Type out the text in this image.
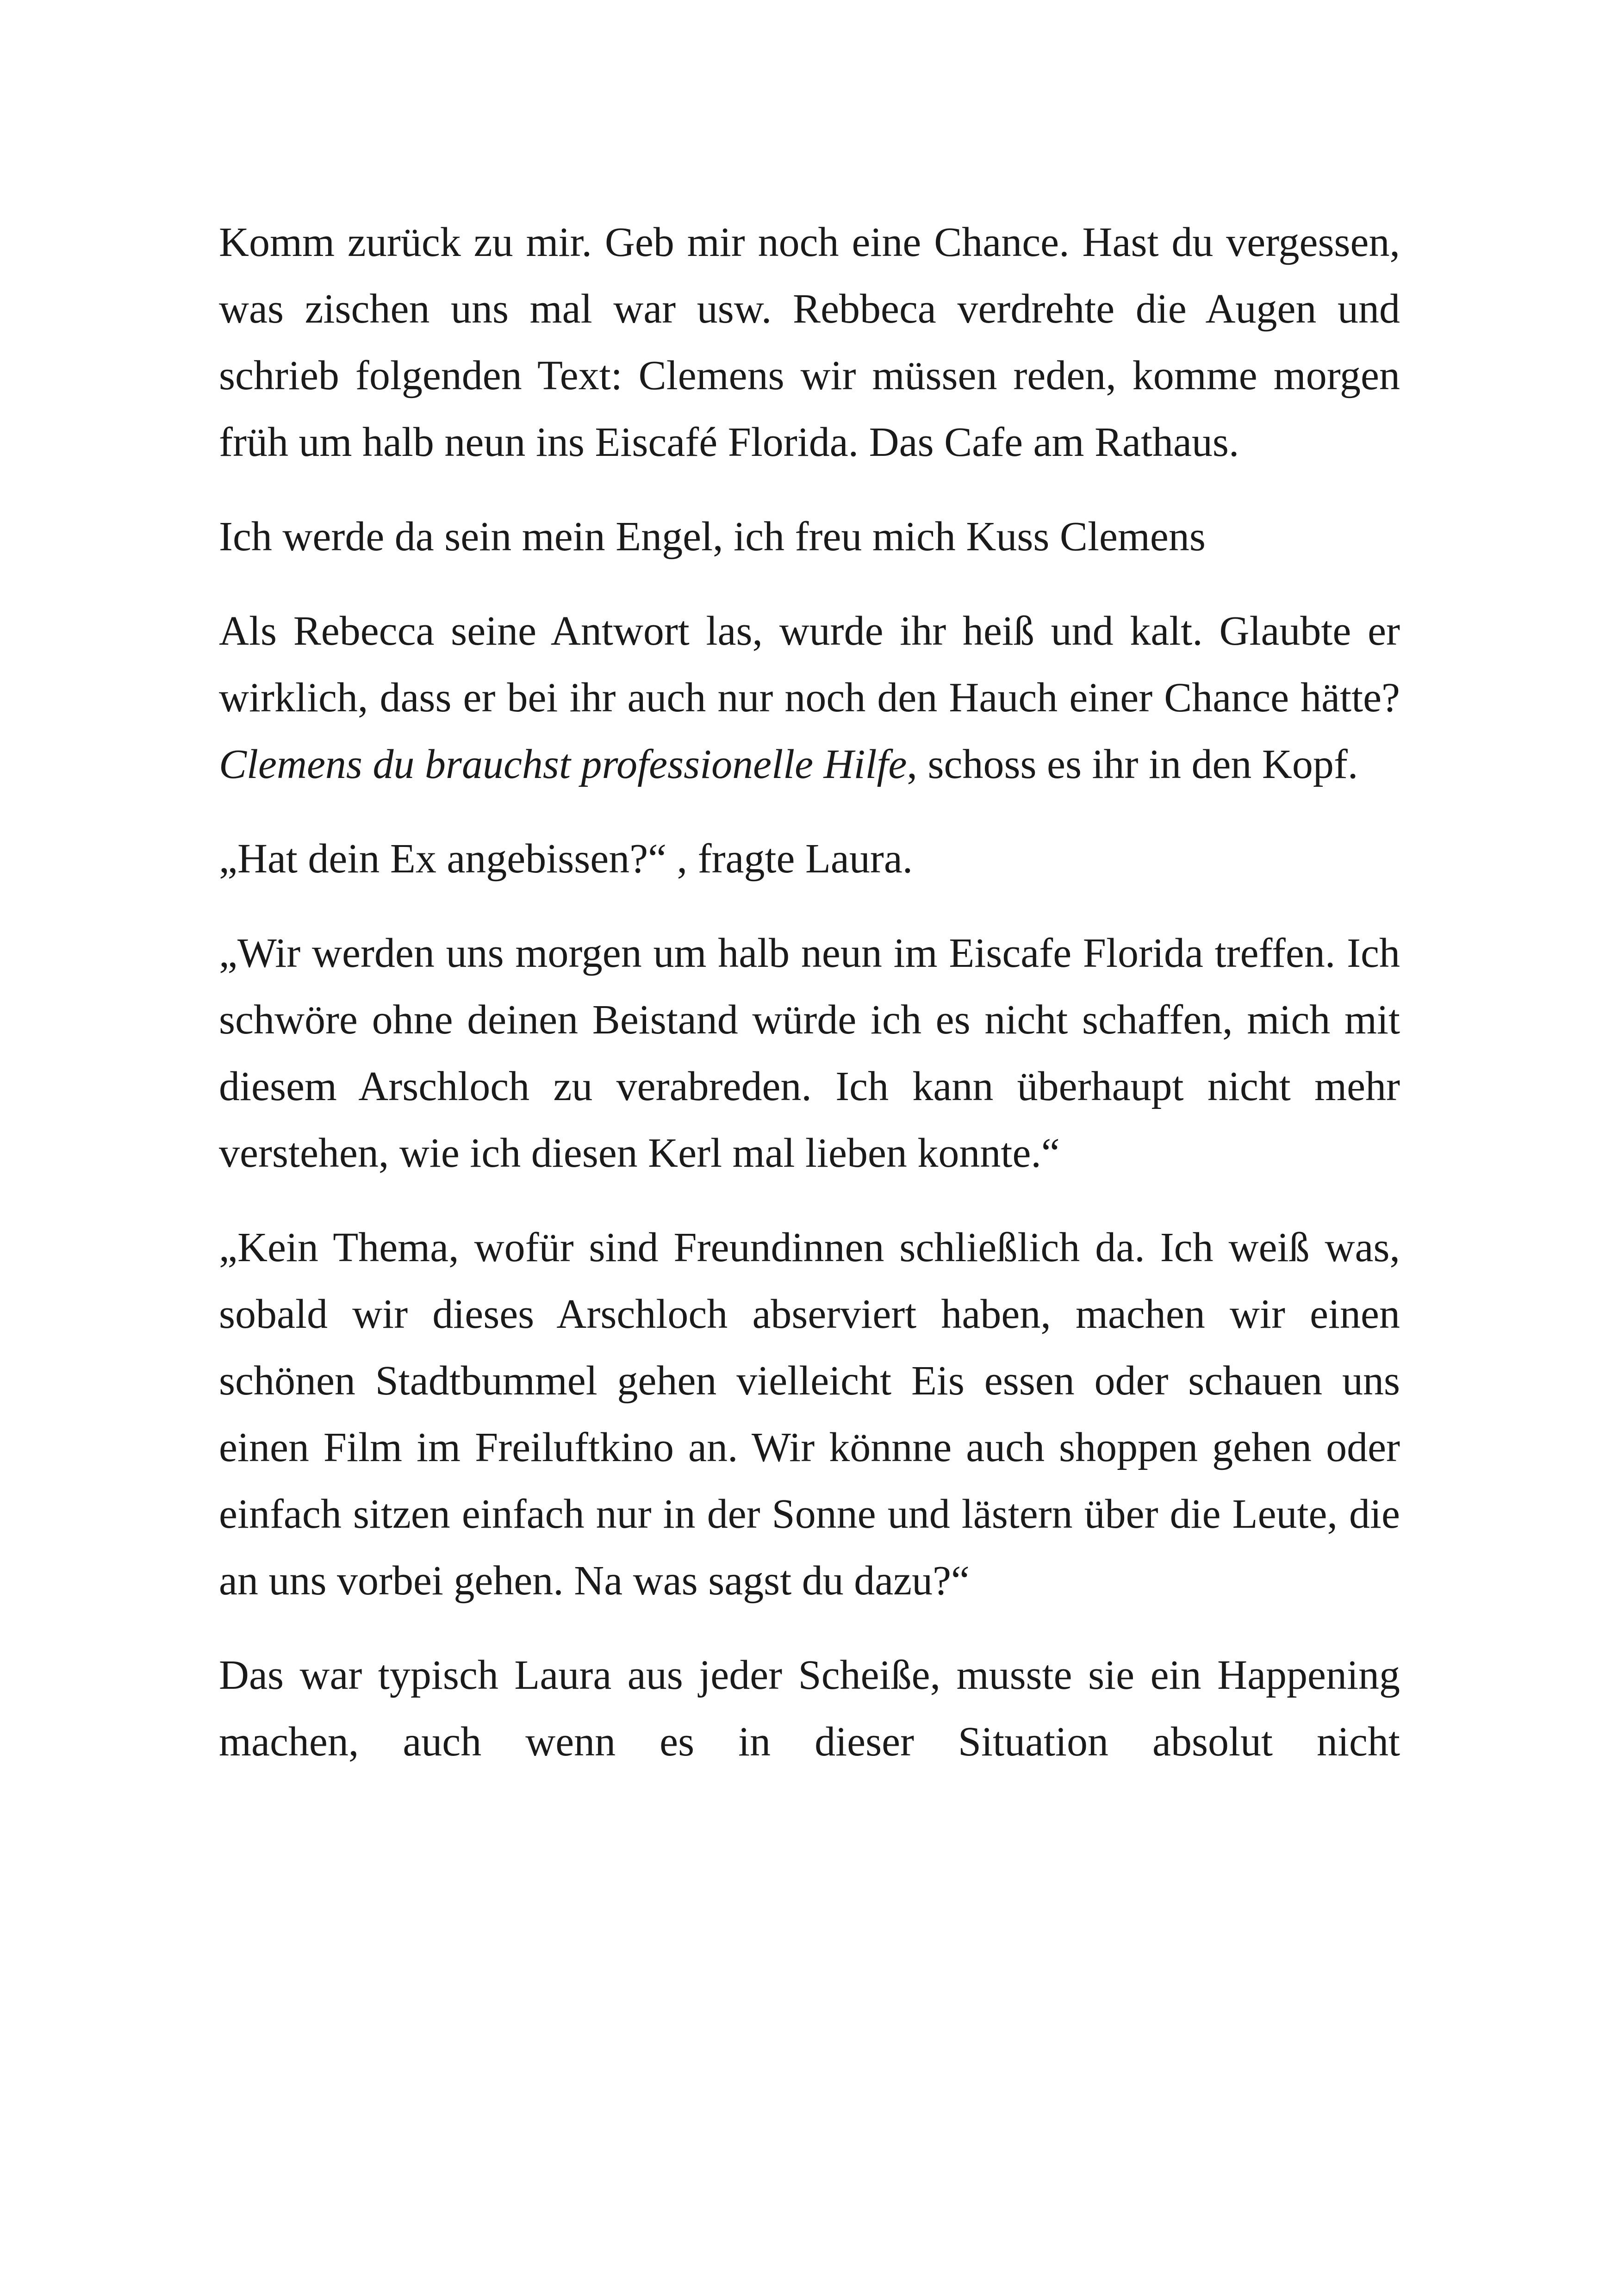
Komm zurück zu mir. Geb mir noch eine Chance. Hast du vergessen, was zischen uns mal war usw. Rebbeca verdrehte die Augen und schrieb folgenden Text: Clemens wir müssen reden, komme morgen früh um halb neun ins Eiscafé Florida. Das Cafe am Rathaus.

Ich werde da sein mein Engel, ich freu mich Kuss Clemens

Als Rebecca seine Antwort las, wurde ihr heiß und kalt. Glaubte er wirklich, dass er bei ihr auch nur noch den Hauch einer Chance hätte? Clemens du brauchst professionelle Hilfe, schoss es ihr in den Kopf.

„Hat dein Ex angebissen?“ , fragte Laura.

„Wir werden uns morgen um halb neun im Eiscafe Florida treffen. Ich schwöre ohne deinen Beistand würde ich es nicht schaffen, mich mit diesem Arschloch zu verabreden. Ich kann überhaupt nicht mehr verstehen, wie ich diesen Kerl mal lieben konnte.“

„Kein Thema, wofür sind Freundinnen schließlich da. Ich weiß was, sobald wir dieses Arschloch abserviert haben, machen wir einen schönen Stadtbummel gehen vielleicht Eis essen oder schauen uns einen Film im Freiluftkino an. Wir könnne auch shoppen gehen oder einfach sitzen einfach nur in der Sonne und lästern über die Leute, die an uns vorbei gehen. Na was sagst du dazu?“

Das war typisch Laura aus jeder Scheiße, musste sie ein Happening machen, auch wenn es in dieser Situation absolut nicht
